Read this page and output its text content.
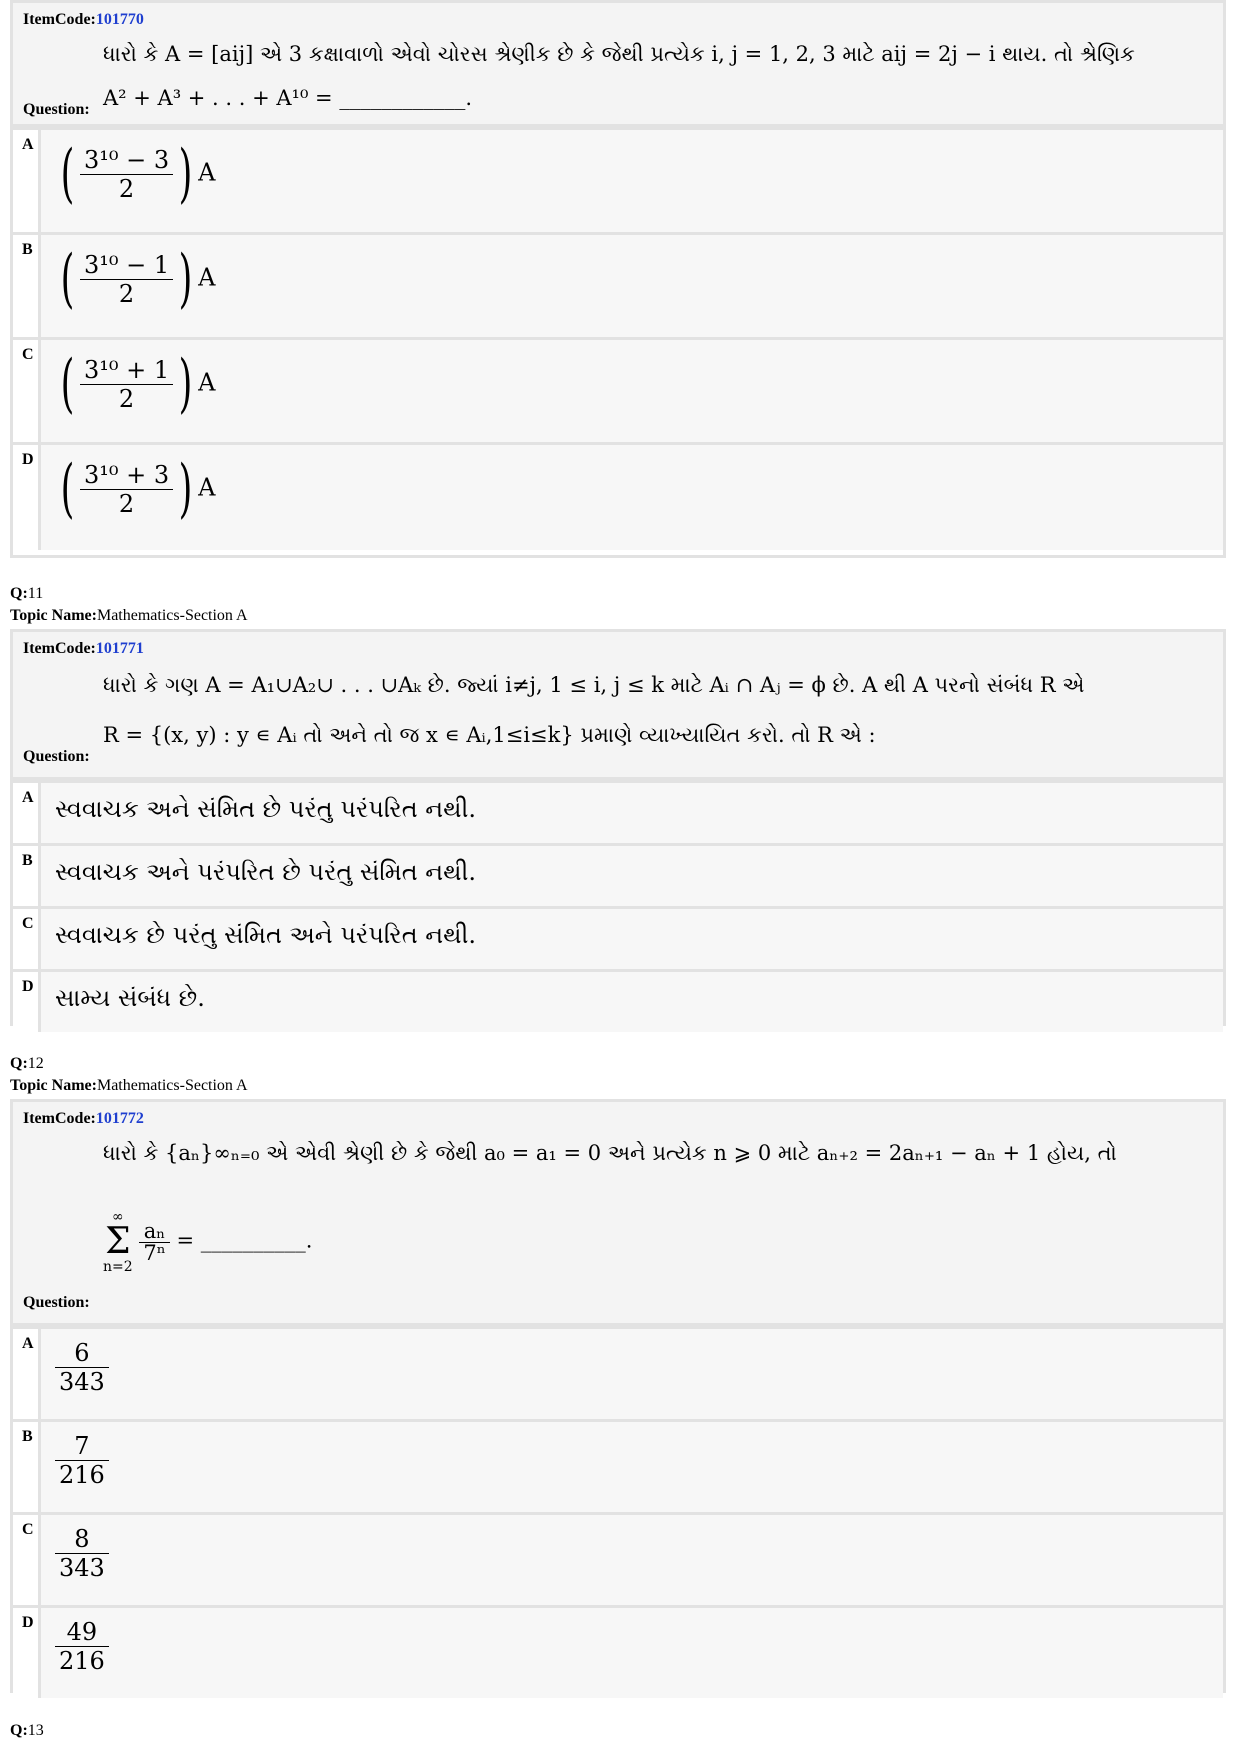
ItemCode:101770
ધારો કે A = [aij] એ 3 કક્ષાવાળો એવો ચોરસ શ્રેણીક છે કે જેથી પ્રત્યેક i, j = 1, 2, 3 માટે aij = 2j − i થાય. તો શ્રેણિક
A² + A³ + . . . + A¹⁰ = ____________.
Question:
A ( $\frac{\text{3¹⁰ − 3}}{2}$ ) A
B ( $\frac{\text{3¹⁰ − 1}}{2}$ ) A
C ( $\frac{\text{3¹⁰ + 1}}{2}$ ) A
D ( $\frac{\text{3¹⁰ + 3}}{2}$ ) A
Q:11
Topic Name:Mathematics-Section A
ItemCode:101771
ધારો કે ગણ A = A₁∪A₂∪ . . . ∪Aₖ છે. જ્યાં i≠j, 1 ≤ i, j ≤ k માટે Aᵢ ∩ Aⱼ = ϕ છે. A થી A પરનો સંબંધ R એ
R = {(x, y) : y ∊ Aᵢ તો અને તો જ x ∊ Aᵢ,1≤i≤k} પ્રમાણે વ્યાખ્યાયિત કરો. તો R એ :
Question:
A સ્વવાચક અને સંમિત છે પરંતુ પરંપરિત નથી.
B સ્વવાચક અને પરંપરિત છે પરંતુ સંમિત નથી.
C સ્વવાચક છે પરંતુ સંમિત અને પરંપરિત નથી.
D સામ્ય સંબંધ છે.
Q:12
Topic Name:Mathematics-Section A
ItemCode:101772
ધારો કે {aₙ}∞ₙ₌₀ એ એવી શ્રેણી છે કે જેથી a₀ = a₁ = 0 અને પ્રત્યેક n ⩾ 0 માટે aₙ₊₂ = 2aₙ₊₁ − aₙ + 1 હોય, તો
∞
Σ
n=2

$\frac{\text{aₙ}}{\text{7ⁿ}}$ = __________.
Question:
A $\frac{6}{343}$
B $\frac{7}{216}$
C $\frac{8}{343}$
D $\frac{49}{216}$
Q:13
